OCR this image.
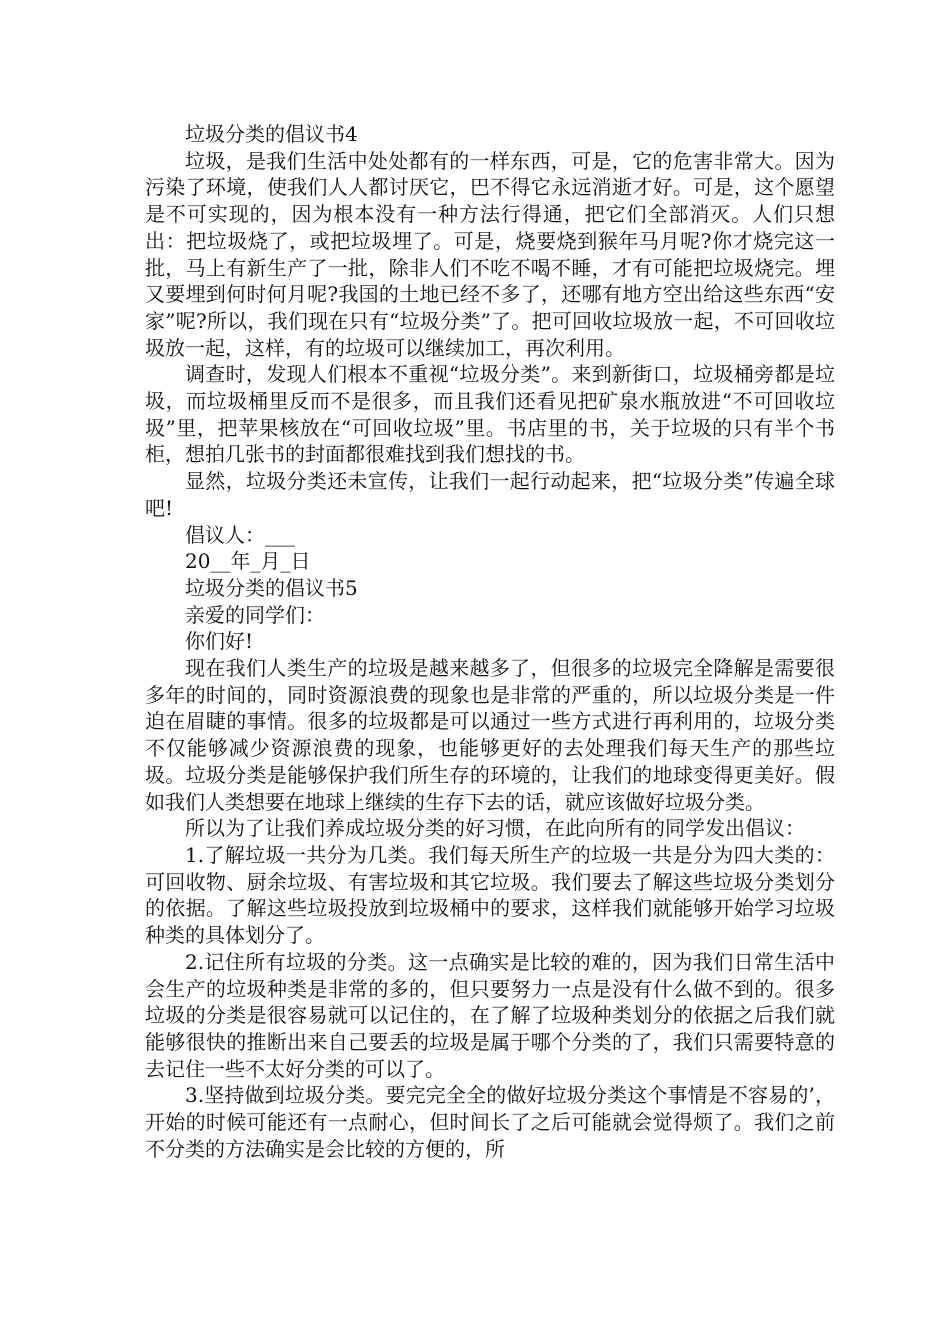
垃圾分类的倡议书4

垃圾，是我们生活中处处都有的一样东西，可是，它的危害非常大。因为污染了环境，使我们人人都讨厌它，巴不得它永远消逝才好。可是，这个愿望是不可实现的，因为根本没有一种方法行得通，把它们全部消灭。人们只想出：把垃圾烧了，或把垃圾埋了。可是，烧要烧到猴年马月呢?你才烧完这一批，马上有新生产了一批，除非人们不吃不喝不睡，才有可能把垃圾烧完。埋又要埋到何时何月呢?我国的土地已经不多了，还哪有地方空出给这些东西“安家”呢?所以，我们现在只有“垃圾分类”了。把可回收垃圾放一起，不可回收垃圾放一起，这样，有的垃圾可以继续加工，再次利用。

调查时，发现人们根本不重视“垃圾分类”。来到新街口，垃圾桶旁都是垃圾，而垃圾桶里反而不是很多，而且我们还看见把矿泉水瓶放进“不可回收垃圾”里，把苹果核放在“可回收垃圾”里。书店里的书，关于垃圾的只有半个书柜，想拍几张书的封面都很难找到我们想找的书。

显然，垃圾分类还未宣传，让我们一起行动起来，把“垃圾分类”传遍全球吧!

倡议人：___

20__年_月_日

垃圾分类的倡议书5

亲爱的同学们：

你们好!

现在我们人类生产的垃圾是越来越多了，但很多的垃圾完全降解是需要很多年的时间的，同时资源浪费的现象也是非常的严重的，所以垃圾分类是一件迫在眉睫的事情。很多的垃圾都是可以通过一些方式进行再利用的，垃圾分类不仅能够减少资源浪费的现象，也能够更好的去处理我们每天生产的那些垃圾。垃圾分类是能够保护我们所生存的环境的，让我们的地球变得更美好。假如我们人类想要在地球上继续的生存下去的话，就应该做好垃圾分类。

所以为了让我们养成垃圾分类的好习惯，在此向所有的同学发出倡议：

1.了解垃圾一共分为几类。我们每天所生产的垃圾一共是分为四大类的：可回收物、厨余垃圾、有害垃圾和其它垃圾。我们要去了解这些垃圾分类划分的依据。了解这些垃圾投放到垃圾桶中的要求，这样我们就能够开始学习垃圾种类的具体划分了。

2.记住所有垃圾的分类。这一点确实是比较的难的，因为我们日常生活中会生产的垃圾种类是非常的多的，但只要努力一点是没有什么做不到的。很多垃圾的分类是很容易就可以记住的，在了解了垃圾种类划分的依据之后我们就能够很快的推断出来自己要丢的垃圾是属于哪个分类的了，我们只需要特意的去记住一些不太好分类的可以了。

3.坚持做到垃圾分类。要完完全全的做好垃圾分类这个事情是不容易的’，开始的时候可能还有一点耐心，但时间长了之后可能就会觉得烦了。我们之前不分类的方法确实是会比较的方便的，所
